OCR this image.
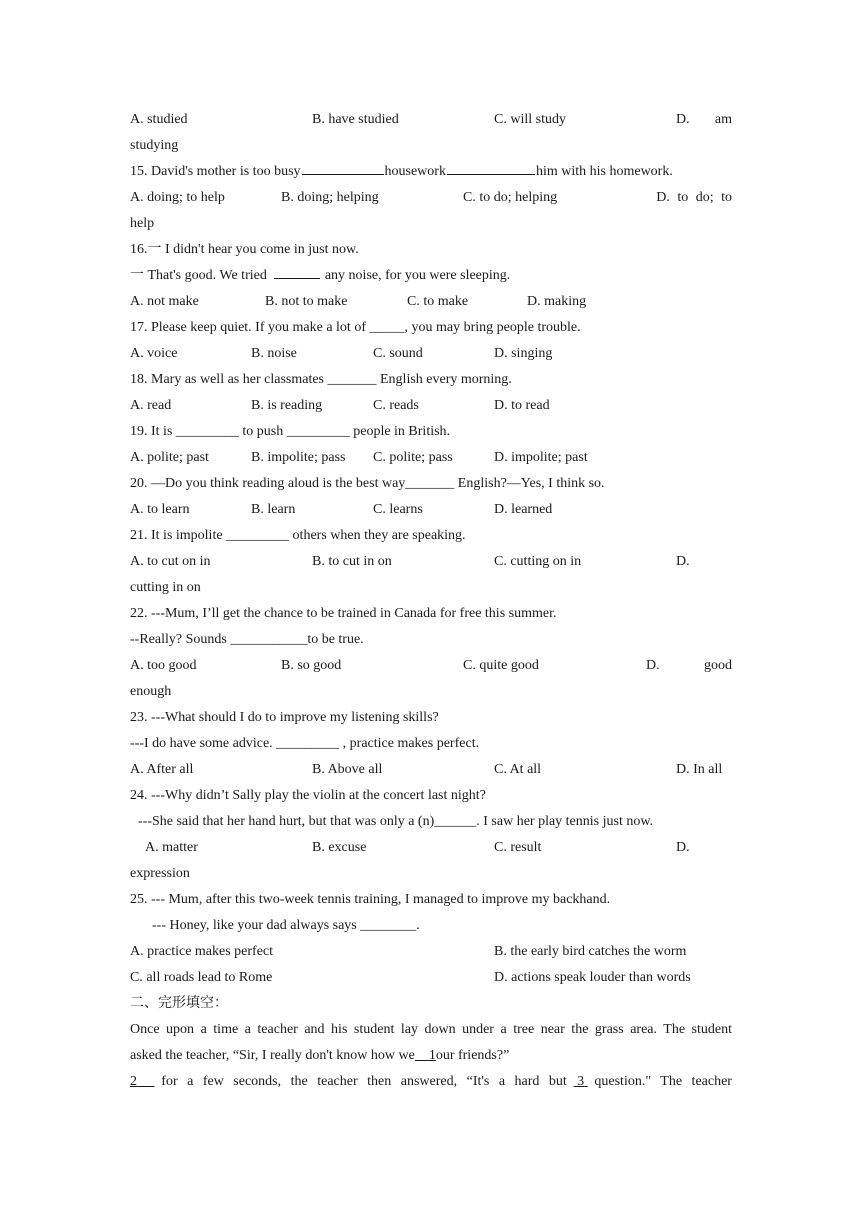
A. studied	B. have studied	C. will study	D. am
studying
15. David's mother is too busy	housework	him with his homework.
A. doing; to help	B. doing; helping	C. to do; helping	D. to do; to
help
16.一 I didn't hear you come in just now.
一 That's good. We tried	any noise, for you were sleeping.
A. not make	B. not to make	C. to make	D. making
17. Please keep quiet. If you make a lot of _____, you may bring people trouble.
A. voice	B. noise	C. sound	D. singing
18. Mary as well as her classmates _______ English every morning.
A. read	B. is reading	C. reads	D. to read
19. It is _________ to push _________ people in British.
A. polite; past	B. impolite; pass C. polite; pass	D. impolite; past
20. —Do you think reading aloud is the best way_______ English?—Yes, I think so.
A. to learn	B. learn	C. learns	D. learned
21. It is impolite _________ others when they are speaking.
A. to cut on in	B. to cut in on	C. cutting on in	D.
cutting in on
22. ---Mum, I’ll get the chance to be trained in Canada for free this summer.
--Really? Sounds ___________to be true.
A. too good	B. so good	C. quite good	D.	good
enough
23. ---What should I do to improve my listening skills?
---I do have some advice. _________ , practice makes perfect.
A. After all	B. Above all	C. At all	D. In all
24. ---Why didn’t Sally play the violin at the concert last night?
---She said that her hand hurt, but that was only a (n)______. I saw her play tennis just now.
A. matter	B. excuse	C. result	D.
expression
25. --- Mum, after this two-week tennis training, I managed to improve my backhand.
--- Honey, like your dad always says ________.
A. practice makes perfect	B. the early bird catches the worm
C. all roads lead to Rome	D. actions speak louder than words
二、完形填空：
Once upon a time a teacher and his student lay down under a tree near the grass area. The student
asked the teacher, “Sir, I really don't know how we 1our friends?”
2	for a few seconds, the teacher then answered, “It's a hard but 3 question." The teacher
